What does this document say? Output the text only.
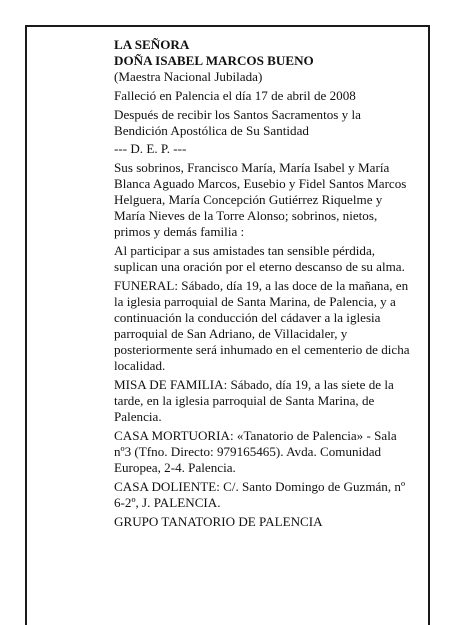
LA SEÑORA

DOÑA ISABEL MARCOS BUENO

(Maestra Nacional Jubilada)

Falleció en Palencia el día 17 de abril de 2008

Después de recibir los Santos Sacramentos y la Bendición Apostólica de Su Santidad

--- D. E. P. ---

Sus sobrinos, Francisco María, María Isabel y María Blanca Aguado Marcos, Eusebio y Fidel Santos Marcos Helguera, María Concepción Gutiérrez Riquelme y María Nieves de la Torre Alonso; sobrinos, nietos, primos y demás familia :

Al participar a sus amistades tan sensible pérdida, suplican una oración por el eterno descanso de su alma.

FUNERAL: Sábado, día 19, a las doce de la mañana, en la iglesia parroquial de Santa Marina, de Palencia, y a continuación la conducción del cádaver a la iglesia parroquial de San Adriano, de Villacidaler, y posteriormente será inhumado en el cementerio de dicha localidad.

MISA DE FAMILIA: Sábado, día 19, a las siete de la tarde, en la iglesia parroquial de Santa Marina, de Palencia.

CASA MORTUORIA: «Tanatorio de Palencia» - Sala nº3 (Tfno. Directo: 979165465). Avda. Comunidad Europea, 2-4. Palencia.

CASA DOLIENTE: C/. Santo Domingo de Guzmán, nº 6-2º, J. PALENCIA.

GRUPO TANATORIO DE PALENCIA
